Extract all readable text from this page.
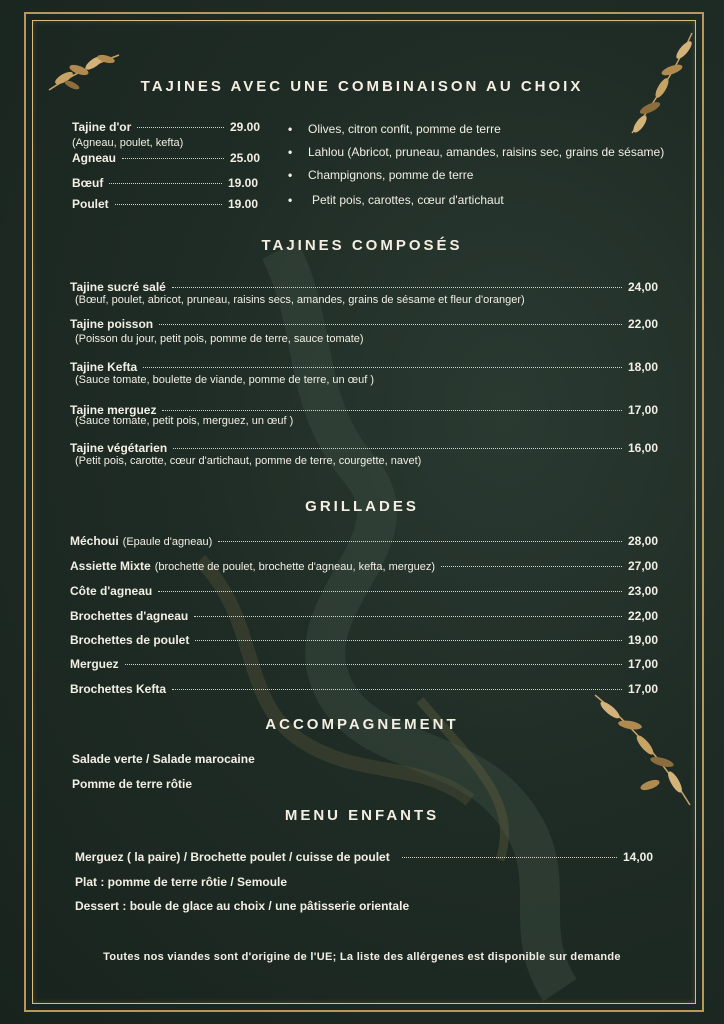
TAJINES AVEC UNE COMBINAISON AU CHOIX
Tajine d'or	29.00
(Agneau, poulet, kefta)
Agneau	25.00
Bœuf	19.00
Poulet	19.00
• Olives, citron confit, pomme de terre
• Lahlou (Abricot, pruneau, amandes, raisins sec, grains de sésame)
• Champignons, pomme de terre
• Petit pois, carottes, cœur d'artichaut
TAJINES COMPOSÉS
Tajine sucré salé	24,00
(Bœuf, poulet, abricot, pruneau, raisins secs, amandes, grains de sésame et fleur d'oranger)
Tajine poisson	22,00
(Poisson du jour, petit pois, pomme de terre, sauce tomate)
Tajine Kefta	18,00
(Sauce tomate, boulette de viande, pomme de terre, un œuf )
Tajine merguez	17,00
(Sauce tomate, petit pois, merguez, un œuf )
Tajine végétarien	16,00
(Petit pois, carotte, cœur d'artichaut, pomme de terre, courgette, navet)
GRILLADES
Méchoui (Epaule d'agneau)	28,00
Assiette Mixte (brochette de poulet, brochette d'agneau, kefta, merguez)	27,00
Côte d'agneau	23,00
Brochettes d'agneau	22,00
Brochettes de poulet	19,00
Merguez	17,00
Brochettes Kefta	17,00
ACCOMPAGNEMENT
Salade verte / Salade marocaine
Pomme de terre rôtie
MENU ENFANTS
Merguez ( la paire) / Brochette poulet / cuisse de poulet	14,00
Plat : pomme de terre rôtie / Semoule
Dessert : boule de glace au choix / une pâtisserie orientale
Toutes nos viandes sont d'origine de l'UE; La liste des allérgenes est disponible sur demande
